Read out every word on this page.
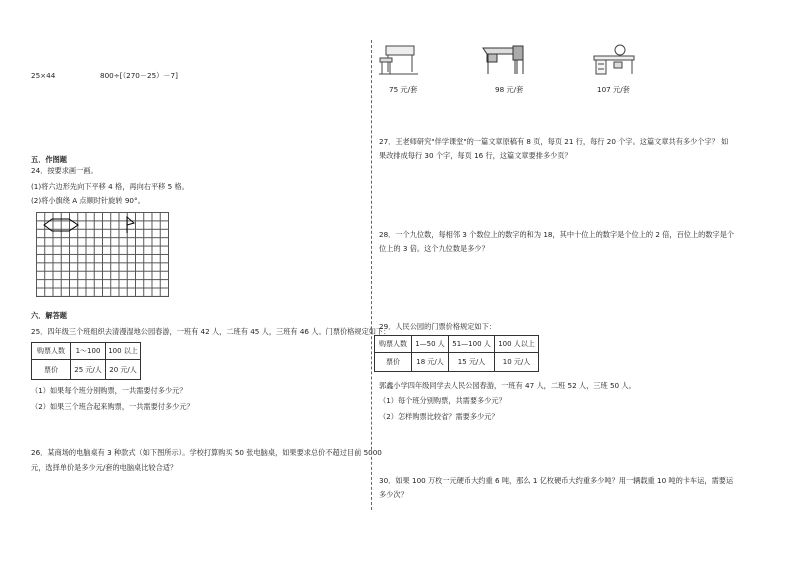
25×44	800÷[（270－25）－7]
五．作图题
24．按要求画一画。
(1)将六边形先向下平移 4 格，再向右平移 5 格。
(2)将小旗绕 A 点顺时针旋转 90°。
六．解答题
25．四年级三个班组织去清漫湿地公园春游，一班有 42 人，二班有 45 人，三班有 46 人。门票价格规定如下：
购票人数	1～100	100 以上
票价	25 元/人	20 元/人
（1）如果每个班分别购票，一共需要付多少元？
（2）如果三个班合起来购票，一共需要付多少元？
26．某商场的电脑桌有 3 种款式（如下图所示）。学校打算购买 50 张电脑桌，如果要求总价不超过目前 5000
元，选择单价是多少元/套的电脑桌比较合适？
75 元/套	98 元/套	107 元/套
27．王老师研究"伴学课堂"的一篇文章原稿有 8 页，每页 21 行，每行 20 个字。这篇文章共有多少个字？ 如
果改排成每行 30 个字，每页 16 行，这篇文章要排多少页？
28．一个九位数，每相邻 3 个数位上的数字的和为 18，其中十位上的数字是个位上的 2 倍，百位上的数字是个
位上的 3 倍。这个九位数是多少？
29．人民公园的门票价格规定如下：
购票人数	1—50 人	51—100 人	100 人以上
票价	18 元/人	15 元/人	10 元/人
郭鑫小学四年级同学去人民公园春游，一班有 47 人，二班 52 人，三班 50 人。
（1）每个班分别购票，共需要多少元？
（2）怎样购票比较省？需要多少元？
30．如果 100 万枚一元硬币大约重 6 吨，那么 1 亿枚硬币大约重多少吨？用一辆载重 10 吨的卡车运，需要运
多少次？
